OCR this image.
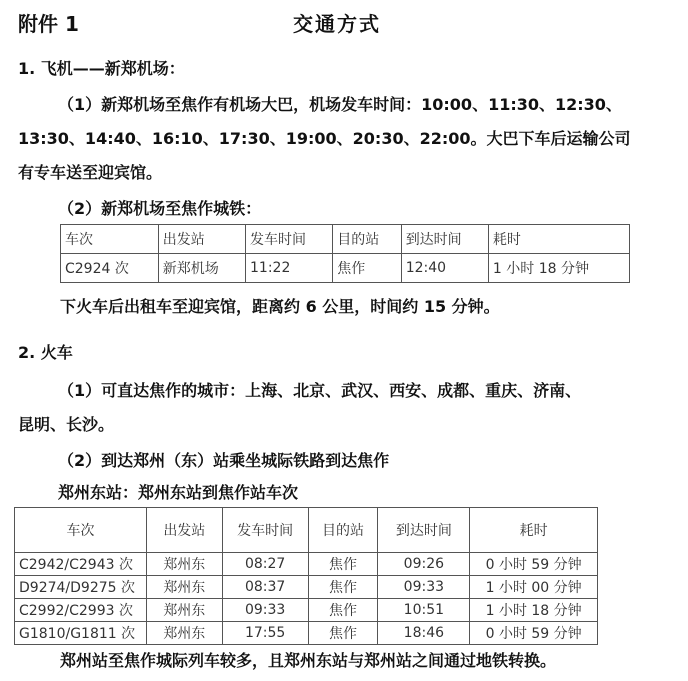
附件 1	交通方式
1. 飞机——新郑机场：
（1）新郑机场至焦作有机场大巴，机场发车时间：10:00、11:30、12:30、
13:30、14:40、16:10、17:30、19:00、20:30、22:00。大巴下车后运输公司
有专车送至迎宾馆。
（2）新郑机场至焦作城铁：
车次	出发站	发车时间	目的站	到达时间	耗时
C2924 次	新郑机场	11:22	焦作	12:40	1 小时 18 分钟
下火车后出租车至迎宾馆，距离约 6 公里，时间约 15 分钟。
2. 火车
（1）可直达焦作的城市：上海、北京、武汉、西安、成都、重庆、济南、
昆明、长沙。
（2）到达郑州（东）站乘坐城际铁路到达焦作
郑州东站：郑州东站到焦作站车次
车次	出发站	发车时间	目的站	到达时间	耗时
C2942/C2943 次	郑州东	08:27	焦作	09:26	0 小时 59 分钟
D9274/D9275 次	郑州东	08:37	焦作	09:33	1 小时 00 分钟
C2992/C2993 次	郑州东	09:33	焦作	10:51	1 小时 18 分钟
G1810/G1811 次	郑州东	17:55	焦作	18:46	0 小时 59 分钟
郑州站至焦作城际列车较多，且郑州东站与郑州站之间通过地铁转换。
